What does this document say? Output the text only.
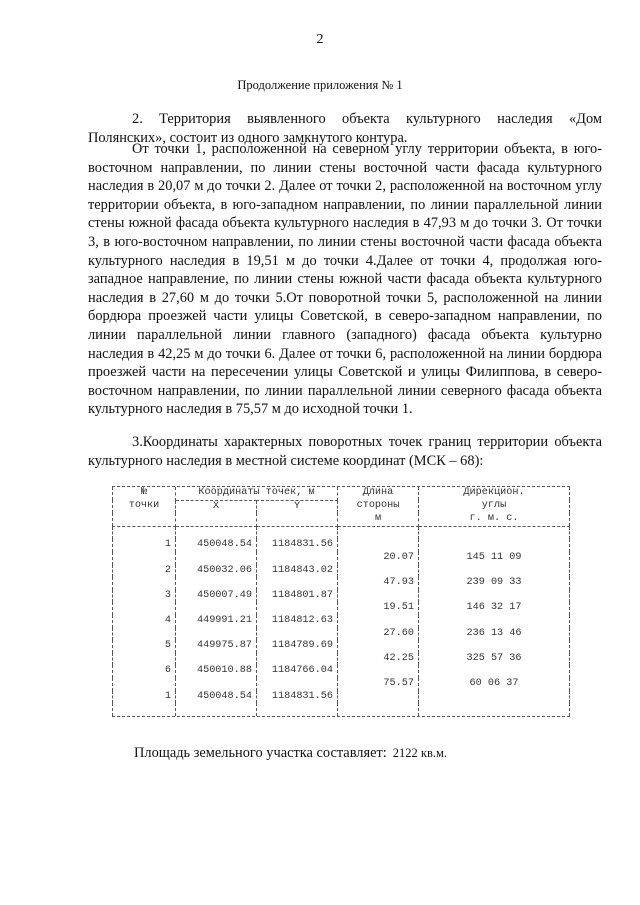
2
Продолжение приложения № 1
2. Территория выявленного объекта культурного наследия «Дом Полянских», состоит из одного замкнутого контура.
От точки 1, расположенной на северном углу территории объекта, в юго-восточном направлении, по линии стены восточной части фасада культурного наследия в 20,07 м до точки 2. Далее от точки 2, расположенной на восточном углу территории объекта, в юго-западном направлении, по линии параллельной линии стены южной фасада объекта культурного наследия в 47,93 м до точки 3. От точки 3, в юго-восточном направлении, по линии стены восточной части фасада объекта культурного наследия в 19,51 м до точки 4.Далее от точки 4, продолжая юго-западное направление, по линии стены южной части фасада объекта культурного наследия в 27,60 м до точки 5.От поворотной точки 5, расположенной на линии бордюра проезжей части улицы Советской, в северо-западном направлении, по линии параллельной линии главного (западного) фасада объекта культурно наследия в 42,25 м до точки 6. Далее от точки 6, расположенной на линии бордюра проезжей части на пересечении улицы Советской и улицы Филиппова, в северо-восточном направлении, по линии параллельной линии северного фасада объекта культурного наследия в 75,57 м до исходной точки 1.
3.Координаты характерных поворотных точек границ территории объекта культурного наследия в местной системе координат (МСК – 68):
№	Координаты точек, м		Длина	Дирекцион.
точки	X	Y	стороны	углы
			м	г. м. с.

1	450048.54	1184831.56		
			20.07	145 11 09
2	450032.06	1184843.02		
			47.93	239 09 33
3	450007.49	1184801.87		
			19.51	146 32 17
4	449991.21	1184812.63		
			27.60	236 13 46
5	449975.87	1184789.69		
			42.25	325 57 36
6	450010.88	1184766.04		
			75.57	60 06 37
1	450048.54	1184831.56		

Площадь земельного участка составляет: 2122 кв.м.
